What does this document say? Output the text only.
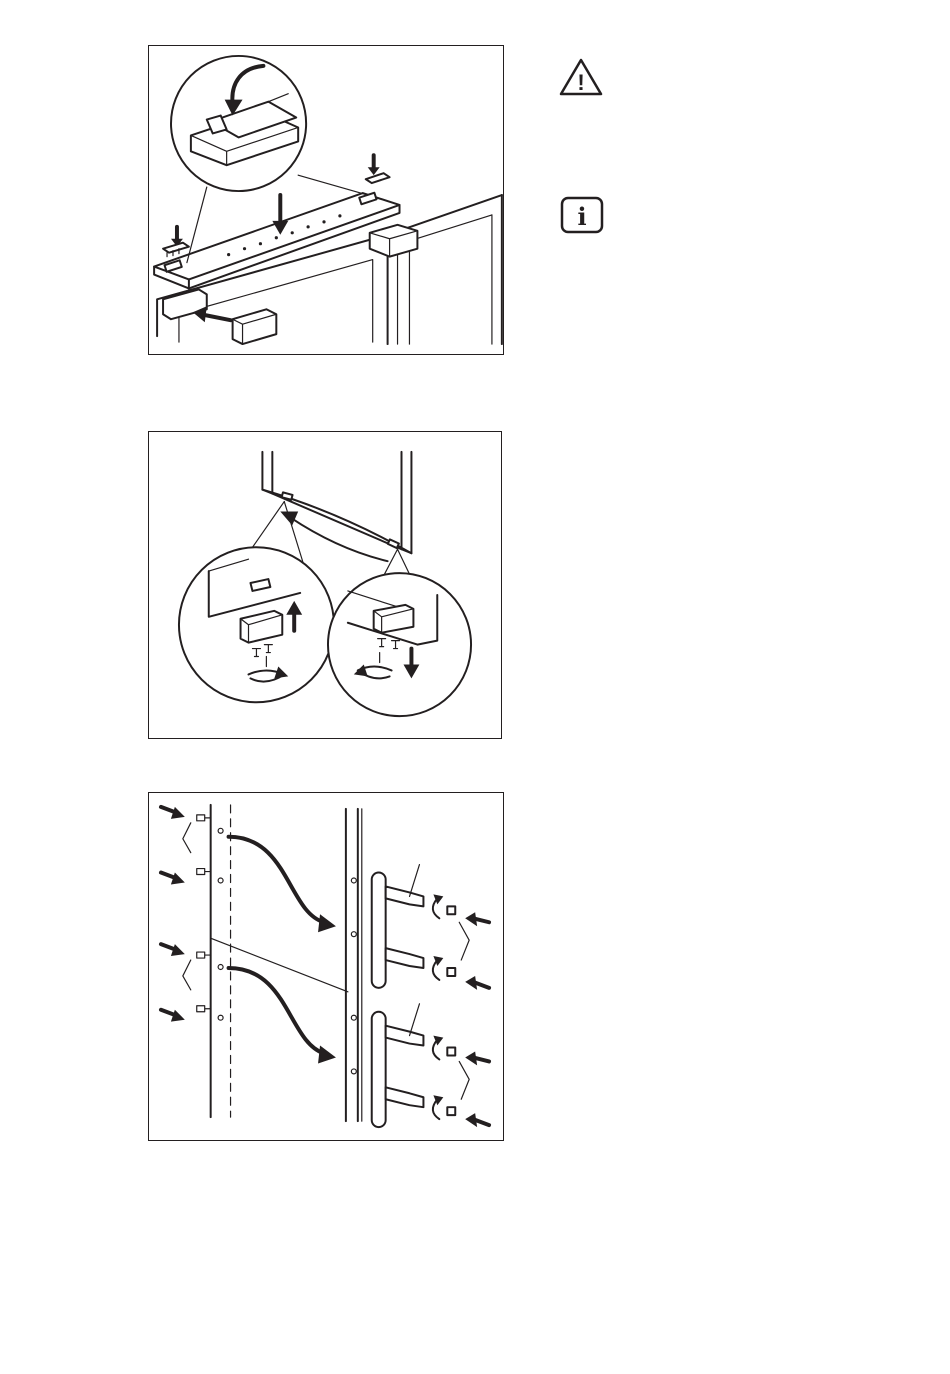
!
i
